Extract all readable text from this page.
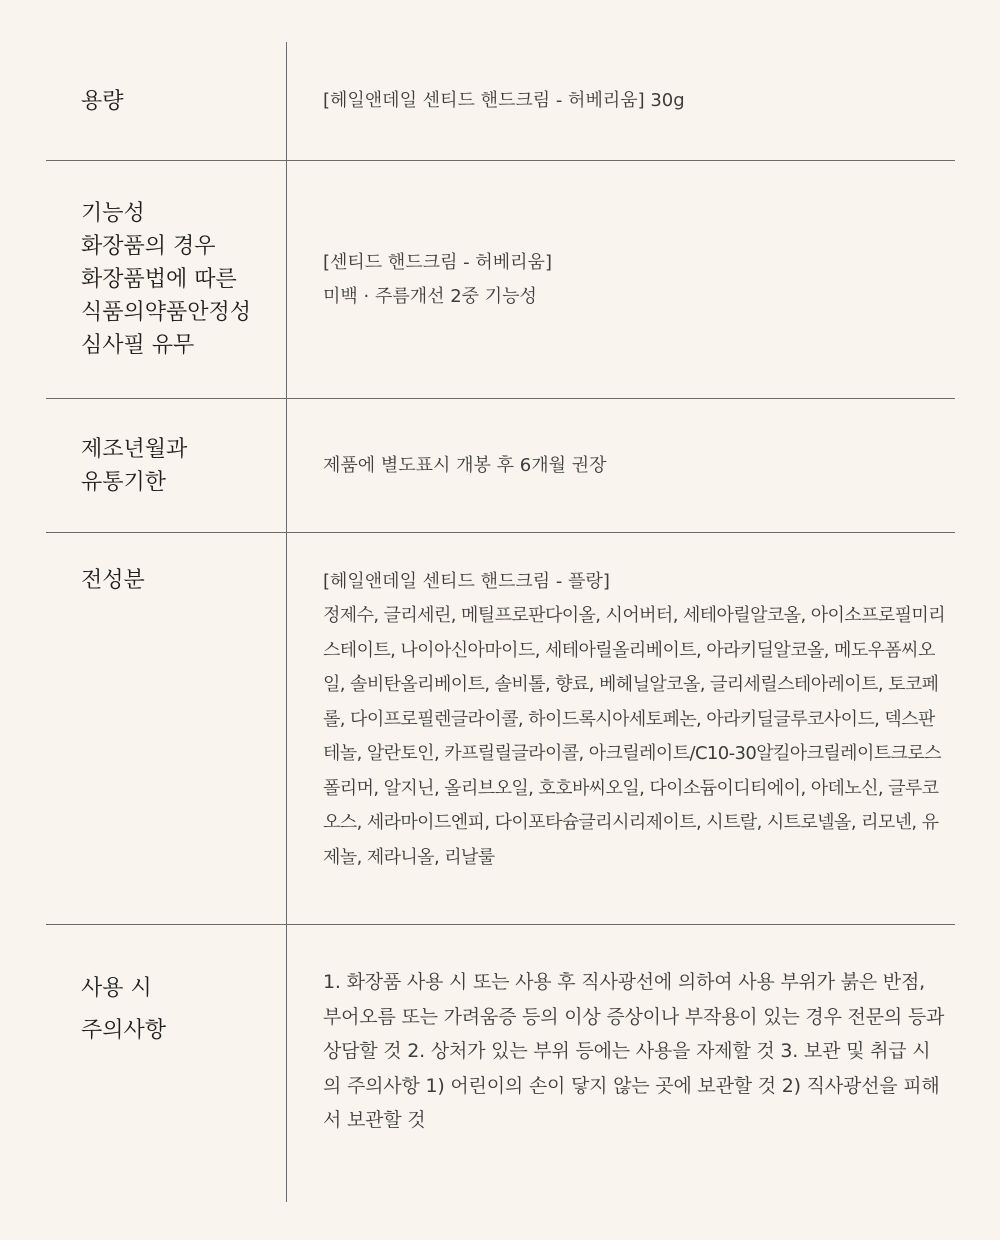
용량	[헤일앤데일 센티드 핸드크림 - 허베리움] 30g
기능성
화장품의 경우
화장품법에 따른
식품의약품안정성
심사필 유무
[센티드 핸드크림 - 허베리움]
미백 · 주름개선 2중 기능성
제조년월과
유통기한
제품에 별도표시 개봉 후 6개월 권장
전성분	[헤일앤데일 센티드 핸드크림 - 플랑]
정제수, 글리세린, 메틸프로판다이올, 시어버터, 세테아릴알코올, 아이소프로필미리스테이트, 나이아신아마이드, 세테아릴올리베이트, 아라키딜알코올, 메도우폼씨오일, 솔비탄올리베이트, 솔비톨, 향료, 베헤닐알코올, 글리세릴스테아레이트, 토코페롤, 다이프로필렌글라이콜, 하이드록시아세토페논, 아라키딜글루코사이드, 덱스판테놀, 알란토인, 카프릴릴글라이콜, 아크릴레이트/C10-30알킬아크릴레이트크로스폴리머, 알지닌, 올리브오일, 호호바씨오일, 다이소듐이디티에이, 아데노신, 글루코오스, 세라마이드엔피, 다이포타슘글리시리제이트, 시트랄, 시트로넬올, 리모넨, 유제놀, 제라니올, 리날룰
사용 시
주의사항
1. 화장품 사용 시 또는 사용 후 직사광선에 의하여 사용 부위가 붉은 반점, 부어오름 또는 가려움증 등의 이상 증상이나 부작용이 있는 경우 전문의 등과 상담할 것 2. 상처가 있는 부위 등에는 사용을 자제할 것 3. 보관 및 취급 시의 주의사항 1) 어린이의 손이 닿지 않는 곳에 보관할 것 2) 직사광선을 피해서 보관할 것
